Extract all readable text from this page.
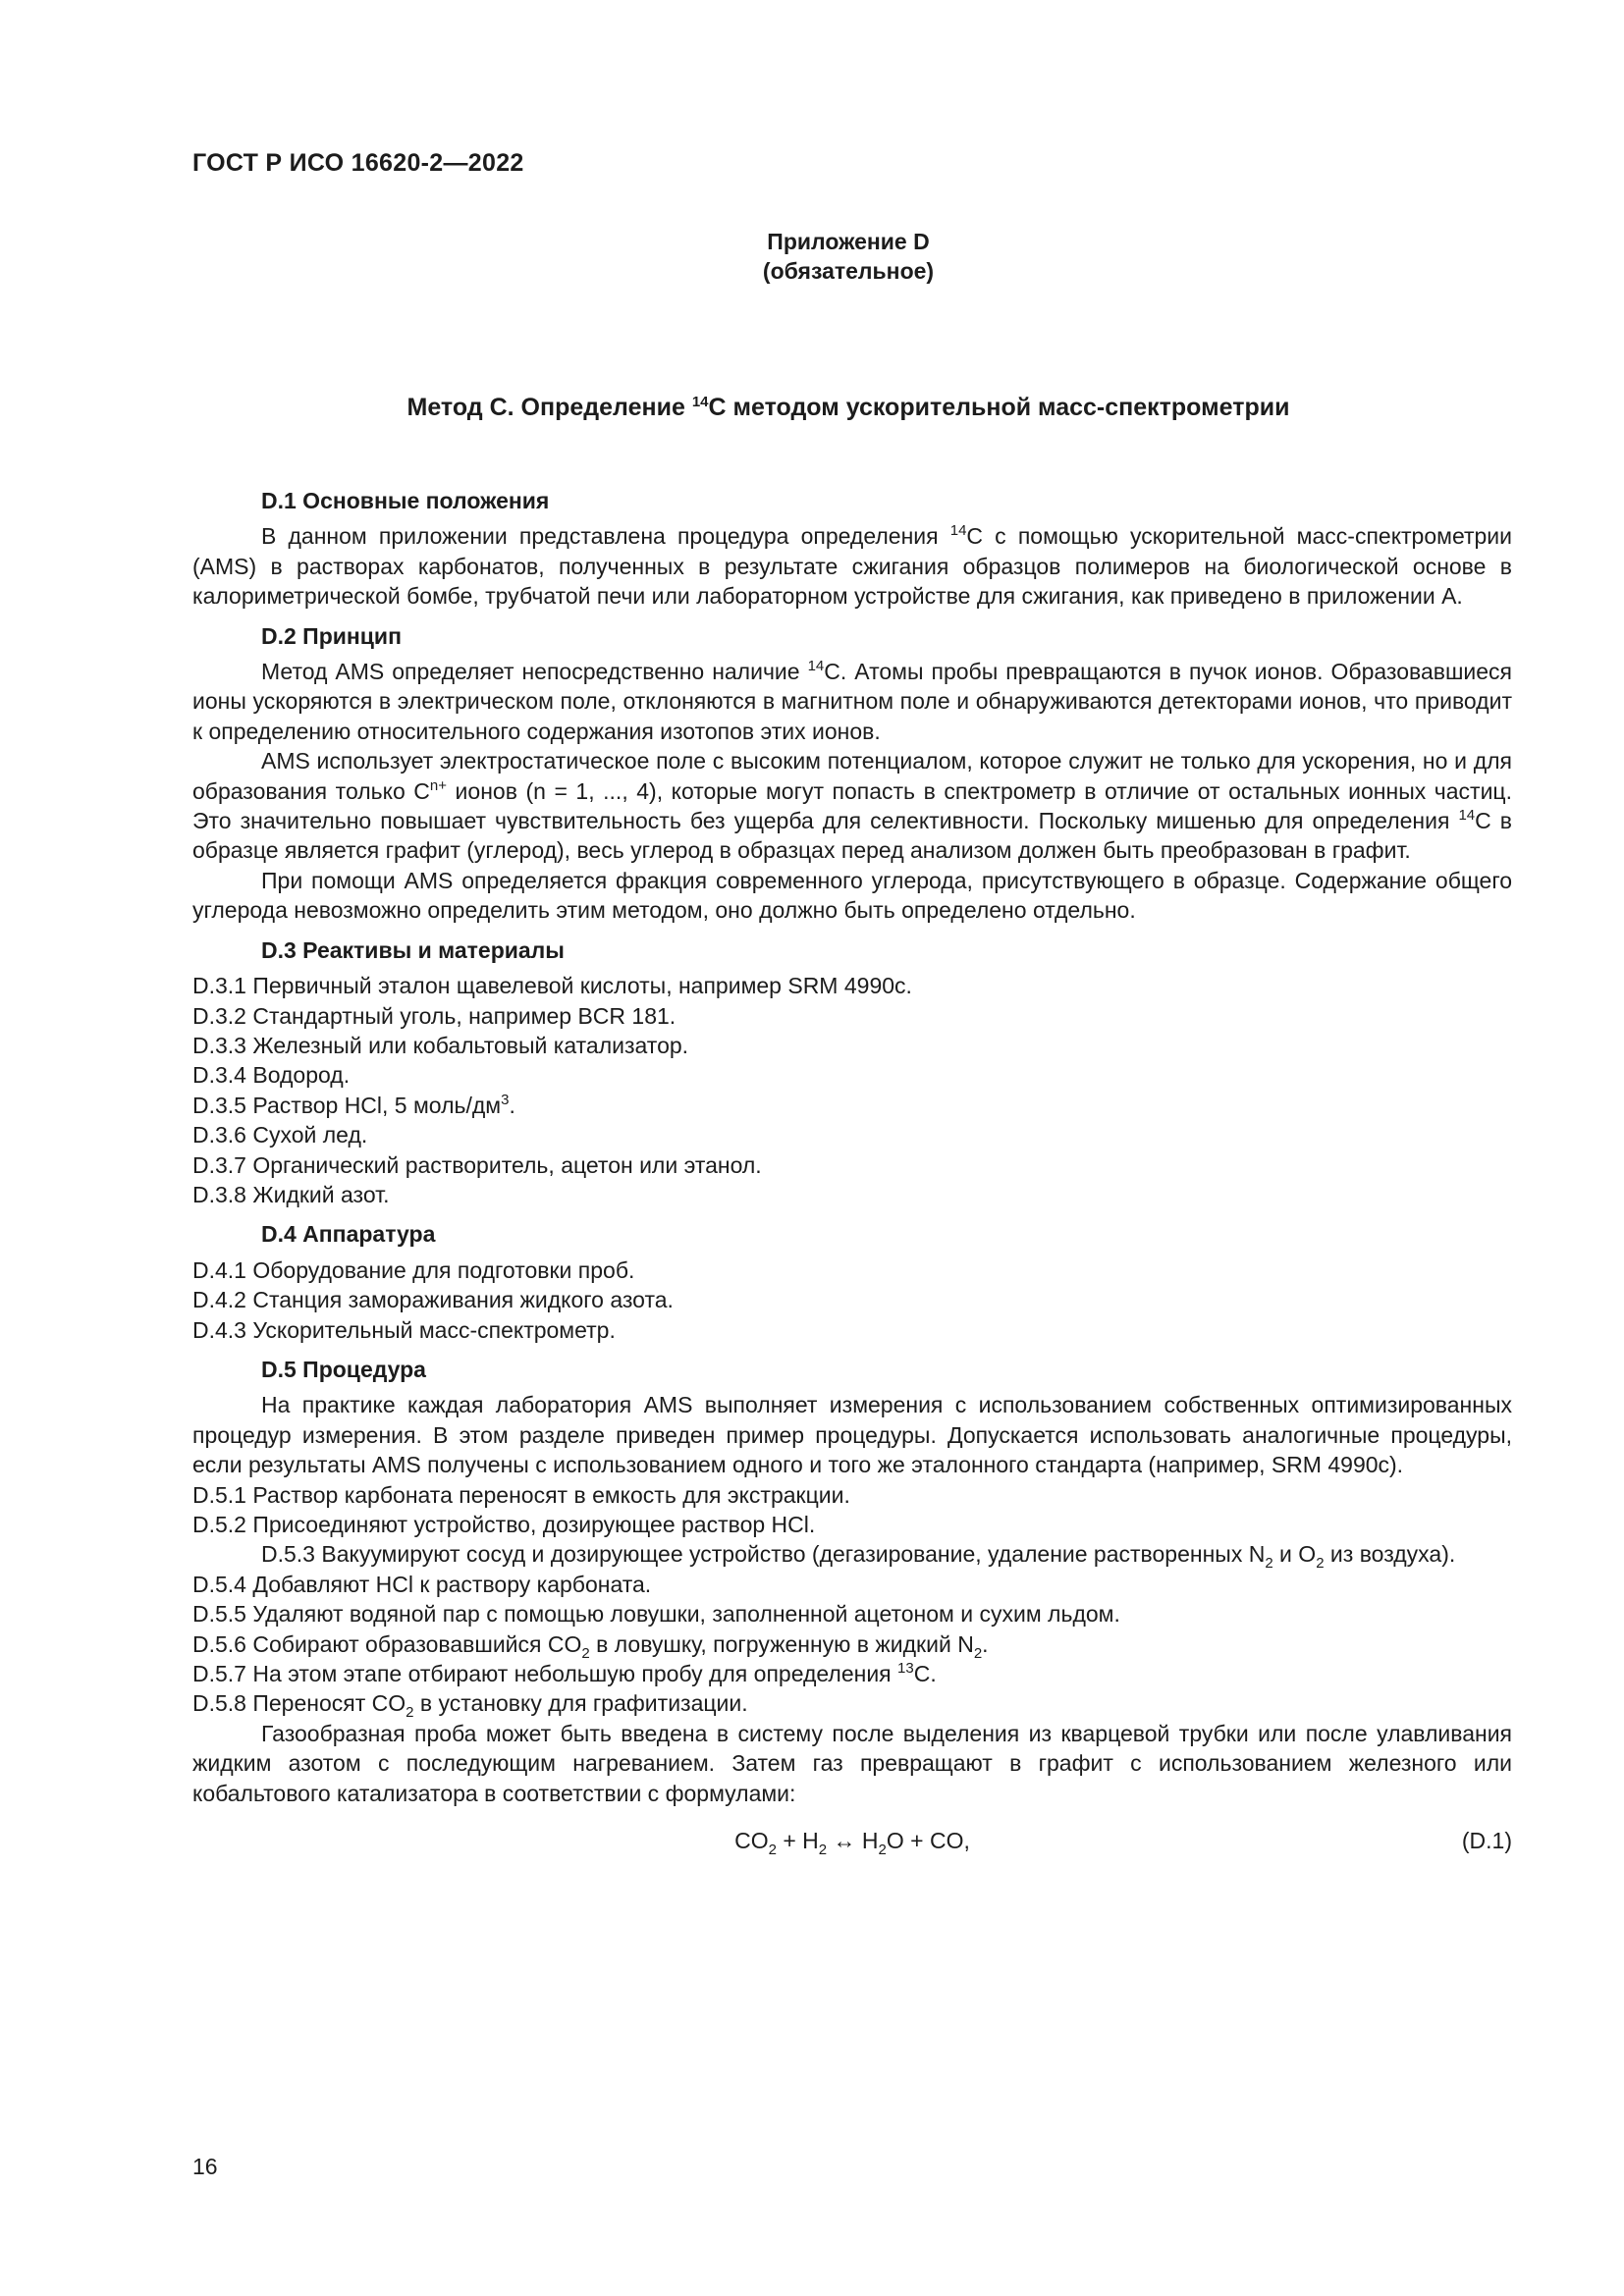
ГОСТ Р ИСО 16620-2—2022
Приложение D
(обязательное)
Метод С. Определение $^{14}$С методом ускорительной масс-спектрометрии
D.1 Основные положения

В данном приложении представлена процедура определения $^{14}$С с помощью ускорительной масс-спектрометрии (AMS) в растворах карбонатов, полученных в результате сжигания образцов полимеров на биологической основе в калориметрической бомбе, трубчатой печи или лабораторном устройстве для сжигания, как приведено в приложении А.

D.2 Принцип

Метод AMS определяет непосредственно наличие $^{14}$С. Атомы пробы превращаются в пучок ионов. Образовавшиеся ионы ускоряются в электрическом поле, отклоняются в магнитном поле и обнаруживаются детекторами ионов, что приводит к определению относительного содержания изотопов этих ионов.

AMS использует электростатическое поле с высоким потенциалом, которое служит не только для ускорения, но и для образования только $С^{n+}$ ионов (n = 1, ..., 4), которые могут попасть в спектрометр в отличие от остальных ионных частиц. Это значительно повышает чувствительность без ущерба для селективности. Поскольку мишенью для определения $^{14}$С в образце является графит (углерод), весь углерод в образцах перед анализом должен быть преобразован в графит.

При помощи AMS определяется фракция современного углерода, присутствующего в образце. Содержание общего углерода невозможно определить этим методом, оно должно быть определено отдельно.

D.3 Реактивы и материалы

D.3.1 Первичный эталон щавелевой кислоты, например SRM 4990с.

D.3.2 Стандартный уголь, например BCR 181.

D.3.3 Железный или кобальтовый катализатор.

D.3.4 Водород.

D.3.5 Раствор HCl, 5 моль/$дм^3$.

D.3.6 Сухой лед.

D.3.7 Органический растворитель, ацетон или этанол.

D.3.8 Жидкий азот.

D.4 Аппаратура

D.4.1 Оборудование для подготовки проб.

D.4.2 Станция замораживания жидкого азота.

D.4.3 Ускорительный масс-спектрометр.

D.5 Процедура

На практике каждая лаборатория AMS выполняет измерения с использованием собственных оптимизированных процедур измерения. В этом разделе приведен пример процедуры. Допускается использовать аналогичные процедуры, если результаты AMS получены с использованием одного и того же эталонного стандарта (например, SRM 4990с).

D.5.1 Раствор карбоната переносят в емкость для экстракции.

D.5.2 Присоединяют устройство, дозирующее раствор HCl.

D.5.3 Вакуумируют сосуд и дозирующее устройство (дегазирование, удаление растворенных $N_2$ и $O_2$ из воздуха).

D.5.4 Добавляют HCl к раствору карбоната.

D.5.5 Удаляют водяной пар с помощью ловушки, заполненной ацетоном и сухим льдом.

D.5.6 Собирают образовавшийся $CO_2$ в ловушку, погруженную в жидкий $N_2$.

D.5.7 На этом этапе отбирают небольшую пробу для определения $^{13}$С.

D.5.8 Переносят $CO_2$ в установку для графитизации.

Газообразная проба может быть введена в систему после выделения из кварцевой трубки или после улавливания жидким азотом с последующим нагреванием. Затем газ превращают в графит с использованием железного или кобальтового катализатора в соответствии с формулами:

$CO_2 + H_2$ ↔ $H_2O$ + CO,	(D.1)
16
